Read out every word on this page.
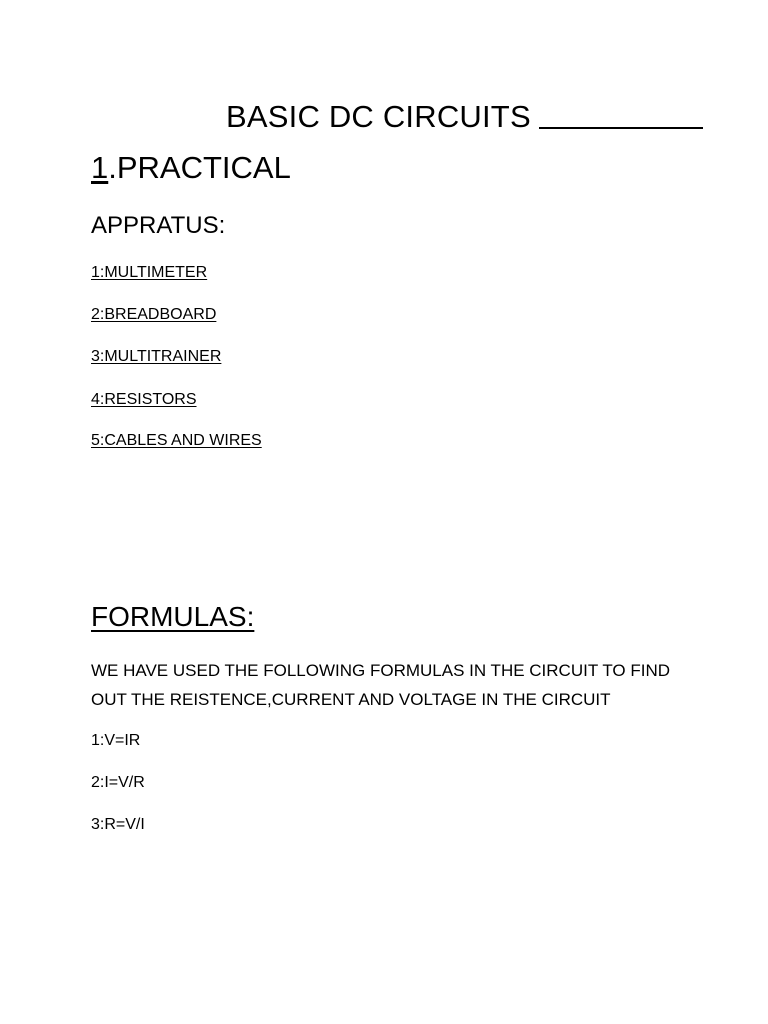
BASIC DC CIRCUITS
1.PRACTICAL
APPRATUS:
1:MULTIMETER
2:BREADBOARD
3:MULTITRAINER
4:RESISTORS
5:CABLES AND WIRES
FORMULAS:
WE HAVE USED THE FOLLOWING FORMULAS IN THE CIRCUIT TO FIND OUT THE REISTENCE,CURRENT AND VOLTAGE IN THE CIRCUIT
1:V=IR
2:I=V/R
3:R=V/I
